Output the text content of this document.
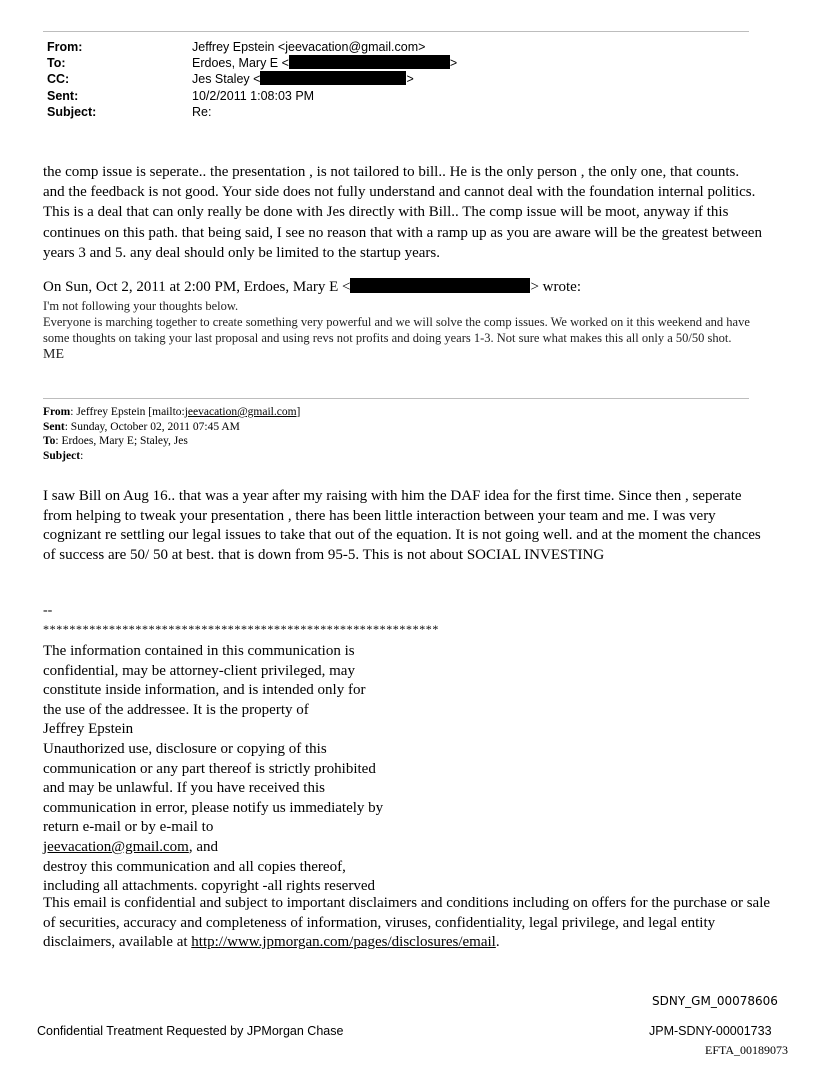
From:	Jeffrey Epstein <jeevacation@gmail.com>
To:	Erdoes, Mary E <	>
CC:	Jes Staley <	>
Sent:	10/2/2011 1:08:03 PM
Subject:	Re:
the comp issue is seperate.. the presentation , is not tailored to bill.. He is the only person , the only one, that counts. and the feedback is not good. Your side does not fully understand and cannot deal with the foundation internal politics. This is a deal that can only really be done with Jes directly with Bill.. The comp issue will be moot, anyway if this continues on this path. that being said, I see no reason that with a ramp up as you are aware will be the greatest between years 3 and 5. any deal should only be limited to the startup years.
On Sun, Oct 2, 2011 at 2:00 PM, Erdoes, Mary E <	> wrote:
I'm not following your thoughts below.
Everyone is marching together to create something very powerful and we will solve the comp issues. We worked on it this weekend and have some thoughts on taking your last proposal and using revs not profits and doing years 1-3. Not sure what makes this all only a 50/50 shot.
ME
From: Jeffrey Epstein [mailto:jeevacation@gmail.com]
Sent: Sunday, October 02, 2011 07:45 AM
To: Erdoes, Mary E; Staley, Jes
Subject:
I saw Bill on Aug 16.. that was a year after my raising with him the DAF idea for the first time. Since then , seperate from helping to tweak your presentation , there has been little interaction between your team and me. I was very cognizant re settling our legal issues to take that out of the equation. It is not going well. and at the moment the chances of success are 50/ 50 at best. that is down from 95-5. This is not about SOCIAL INVESTING
--
************************************************************
The information contained in this communication is
confidential, may be attorney-client privileged, may
constitute inside information, and is intended only for
the use of the addressee. It is the property of
Jeffrey Epstein
Unauthorized use, disclosure or copying of this
communication or any part thereof is strictly prohibited
and may be unlawful. If you have received this
communication in error, please notify us immediately by
return e-mail or by e-mail to
jeevacation@gmail.com, and
destroy this communication and all copies thereof,
including all attachments. copyright -all rights reserved
This email is confidential and subject to important disclaimers and conditions including on offers for the purchase or sale of securities, accuracy and completeness of information, viruses, confidentiality, legal privilege, and legal entity disclaimers, available at http://www.jpmorgan.com/pages/disclosures/email.
SDNY_GM_00078606
Confidential Treatment Requested by JPMorgan Chase	JPM-SDNY-00001733
EFTA_00189073
